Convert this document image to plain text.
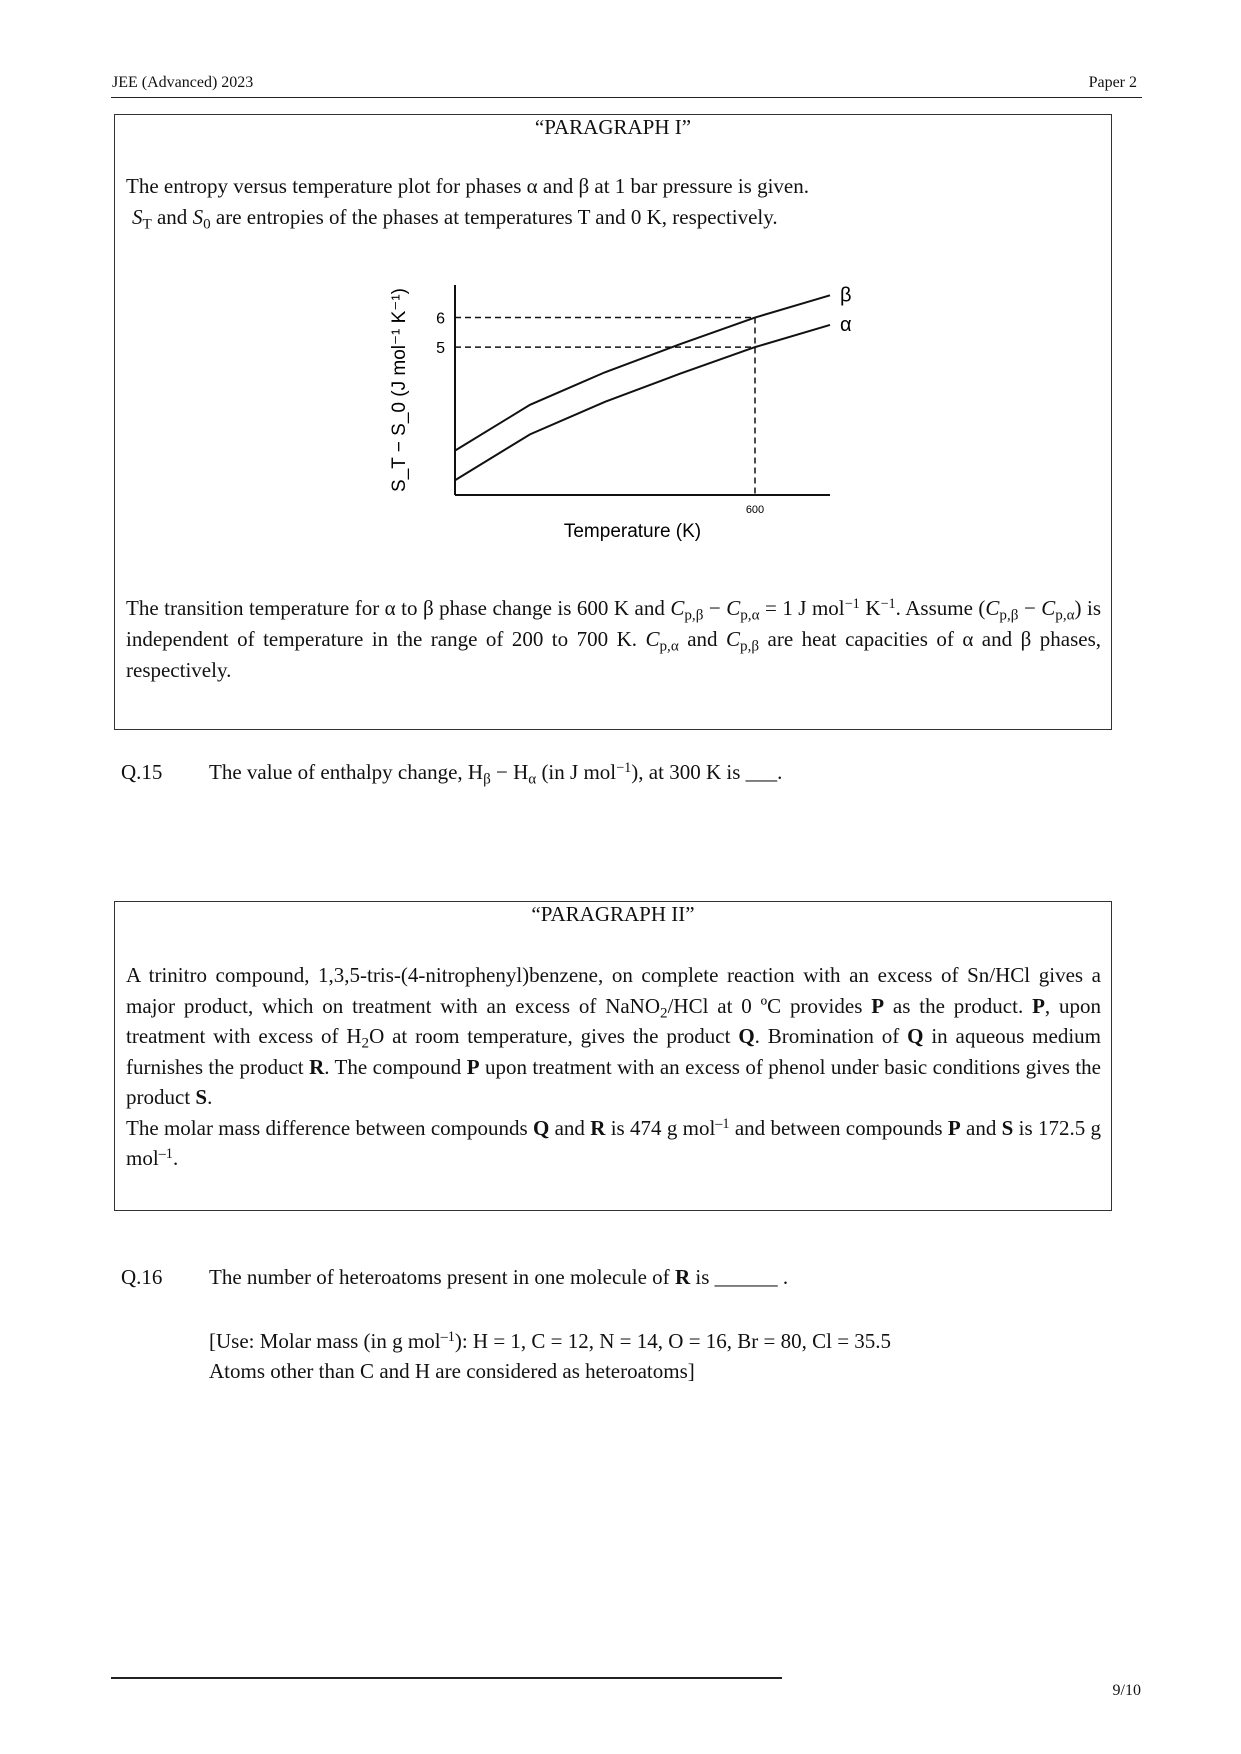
JEE (Advanced) 2023	Paper 2
“PARAGRAPH I”
The entropy versus temperature plot for phases α and β at 1 bar pressure is given.
$S_T$ and $S_0$ are entropies of the phases at temperatures T and 0 K, respectively.
5
6
600
β
α
Temperature (K)
S_T − S_0 (J mol⁻¹ K⁻¹)
The transition temperature for α to β phase change is 600 K and $C_{p,\beta} - C_{p,\alpha} = 1$ J mol$^{-1}$ $K^{-1}$. Assume $(C_{p,\beta} - C_{p,\alpha})$ is independent of temperature in the range of 200 to 700 K. $C_{p,\alpha}$ and $C_{p,\beta}$ are heat capacities of α and β phases, respectively.
Q.15 The value of enthalpy change, $H_\beta - H_\alpha$ (in J mol$^{-1}$), at 300 K is ___.
“PARAGRAPH II”
A trinitro compound, 1,3,5-tris-(4-nitrophenyl)benzene, on complete reaction with an excess of Sn/HCl gives a major product, which on treatment with an excess of NaNO$_2$/HCl at 0 ºC provides P as the product. P, upon treatment with excess of $H_2O$ at room temperature, gives the product Q. Bromination of Q in aqueous medium furnishes the product R. The compound P upon treatment with an excess of phenol under basic conditions gives the product S.
The molar mass difference between compounds Q and R is 474 g mol$^{-1}$ and between compounds P and S is 172.5 g mol$^{-1}$.
Q.16 The number of heteroatoms present in one molecule of R is ______ .
[Use: Molar mass (in g mol$^{-1}$): H = 1, C = 12, N = 14, O = 16, Br = 80, Cl = 35.5
Atoms other than C and H are considered as heteroatoms]
9/10
